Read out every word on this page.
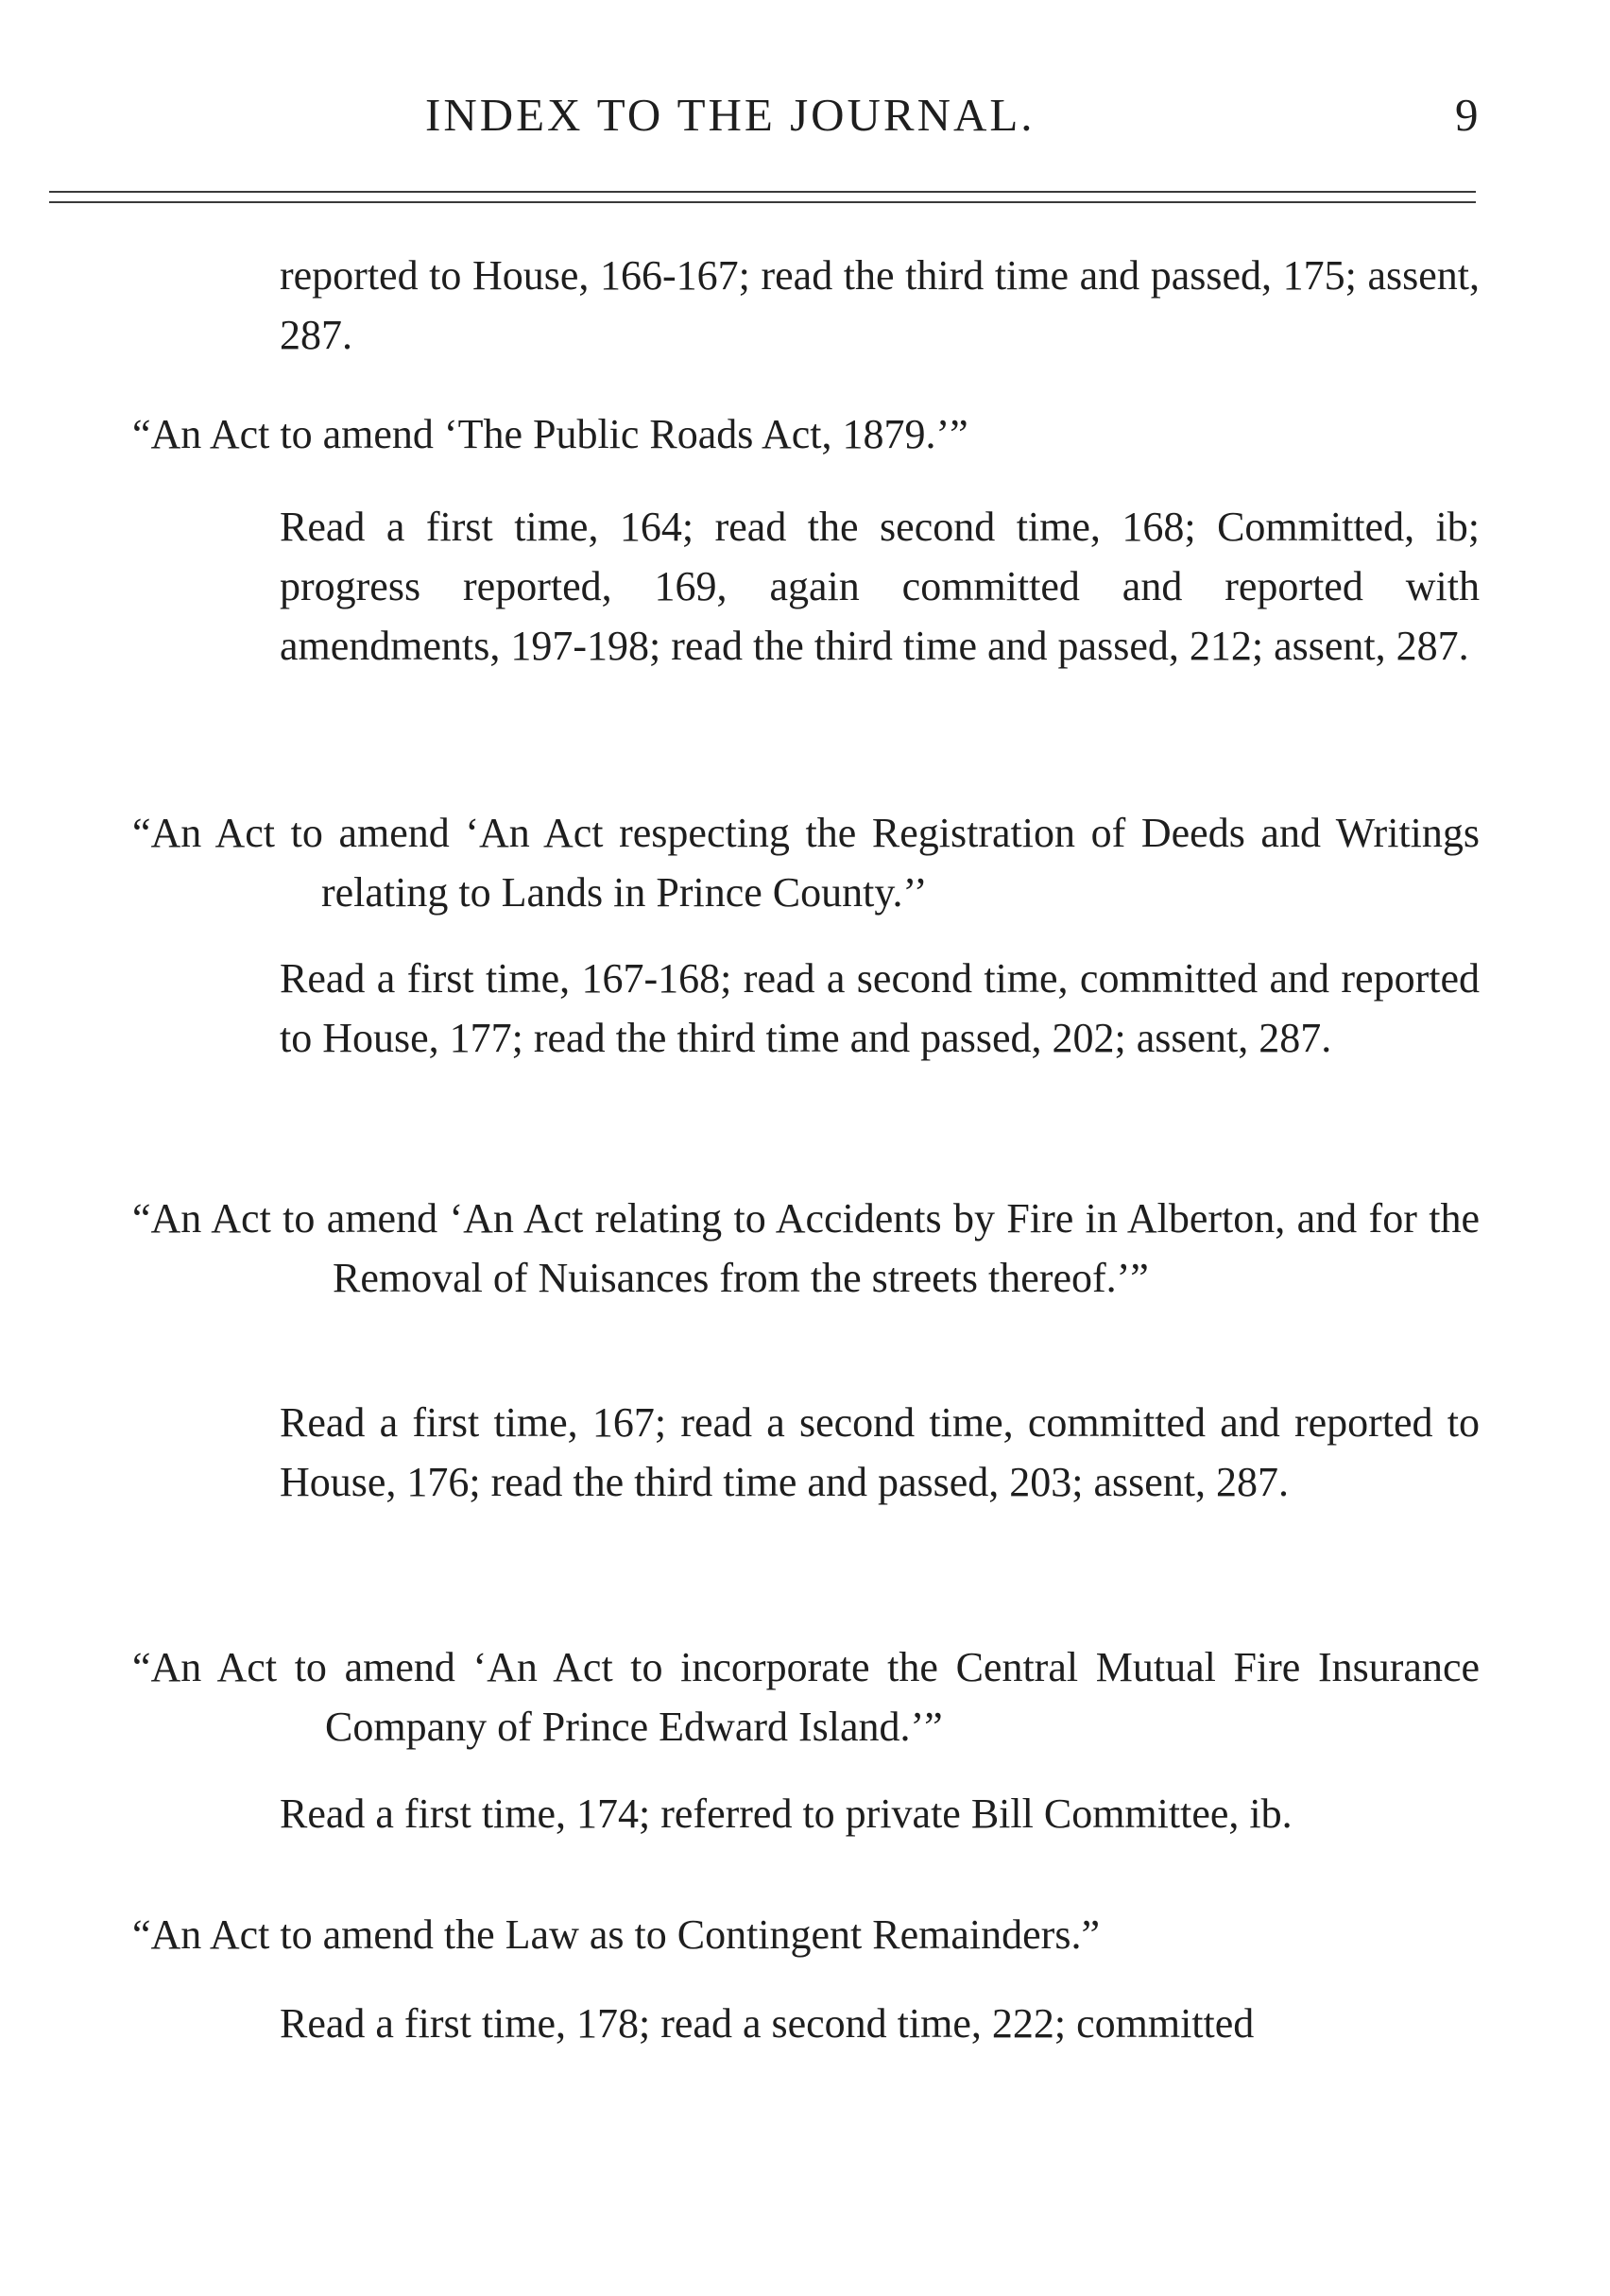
INDEX TO THE JOURNAL.	9

reported to House, 166-167; read the third time and passed, 175; assent, 287.

“An Act to amend ‘The Public Roads Act, 1879.’”

Read a first time, 164; read the second time, 168; Committed, ib; progress reported, 169, again committed and reported with amendments, 197-198; read the third time and passed, 212; assent, 287.

“An Act to amend ‘An Act respecting the Registration of Deeds and Writings relating to Lands in Prince County.’’

Read a first time, 167-168; read a second time, committed and reported to House, 177; read the third time and passed, 202; assent, 287.

“An Act to amend ‘An Act relating to Accidents by Fire in Alberton, and for the Removal of Nuisances from the streets thereof.’”

Read a first time, 167; read a second time, committed and reported to House, 176; read the third time and passed, 203; assent, 287.

“An Act to amend ‘An Act to incorporate the Central Mutual Fire Insurance Company of Prince Edward Island.’”

Read a first time, 174; referred to private Bill Committee, ib.

“An Act to amend the Law as to Contingent Remainders.”

Read a first time, 178; read a second time, 222; committed
